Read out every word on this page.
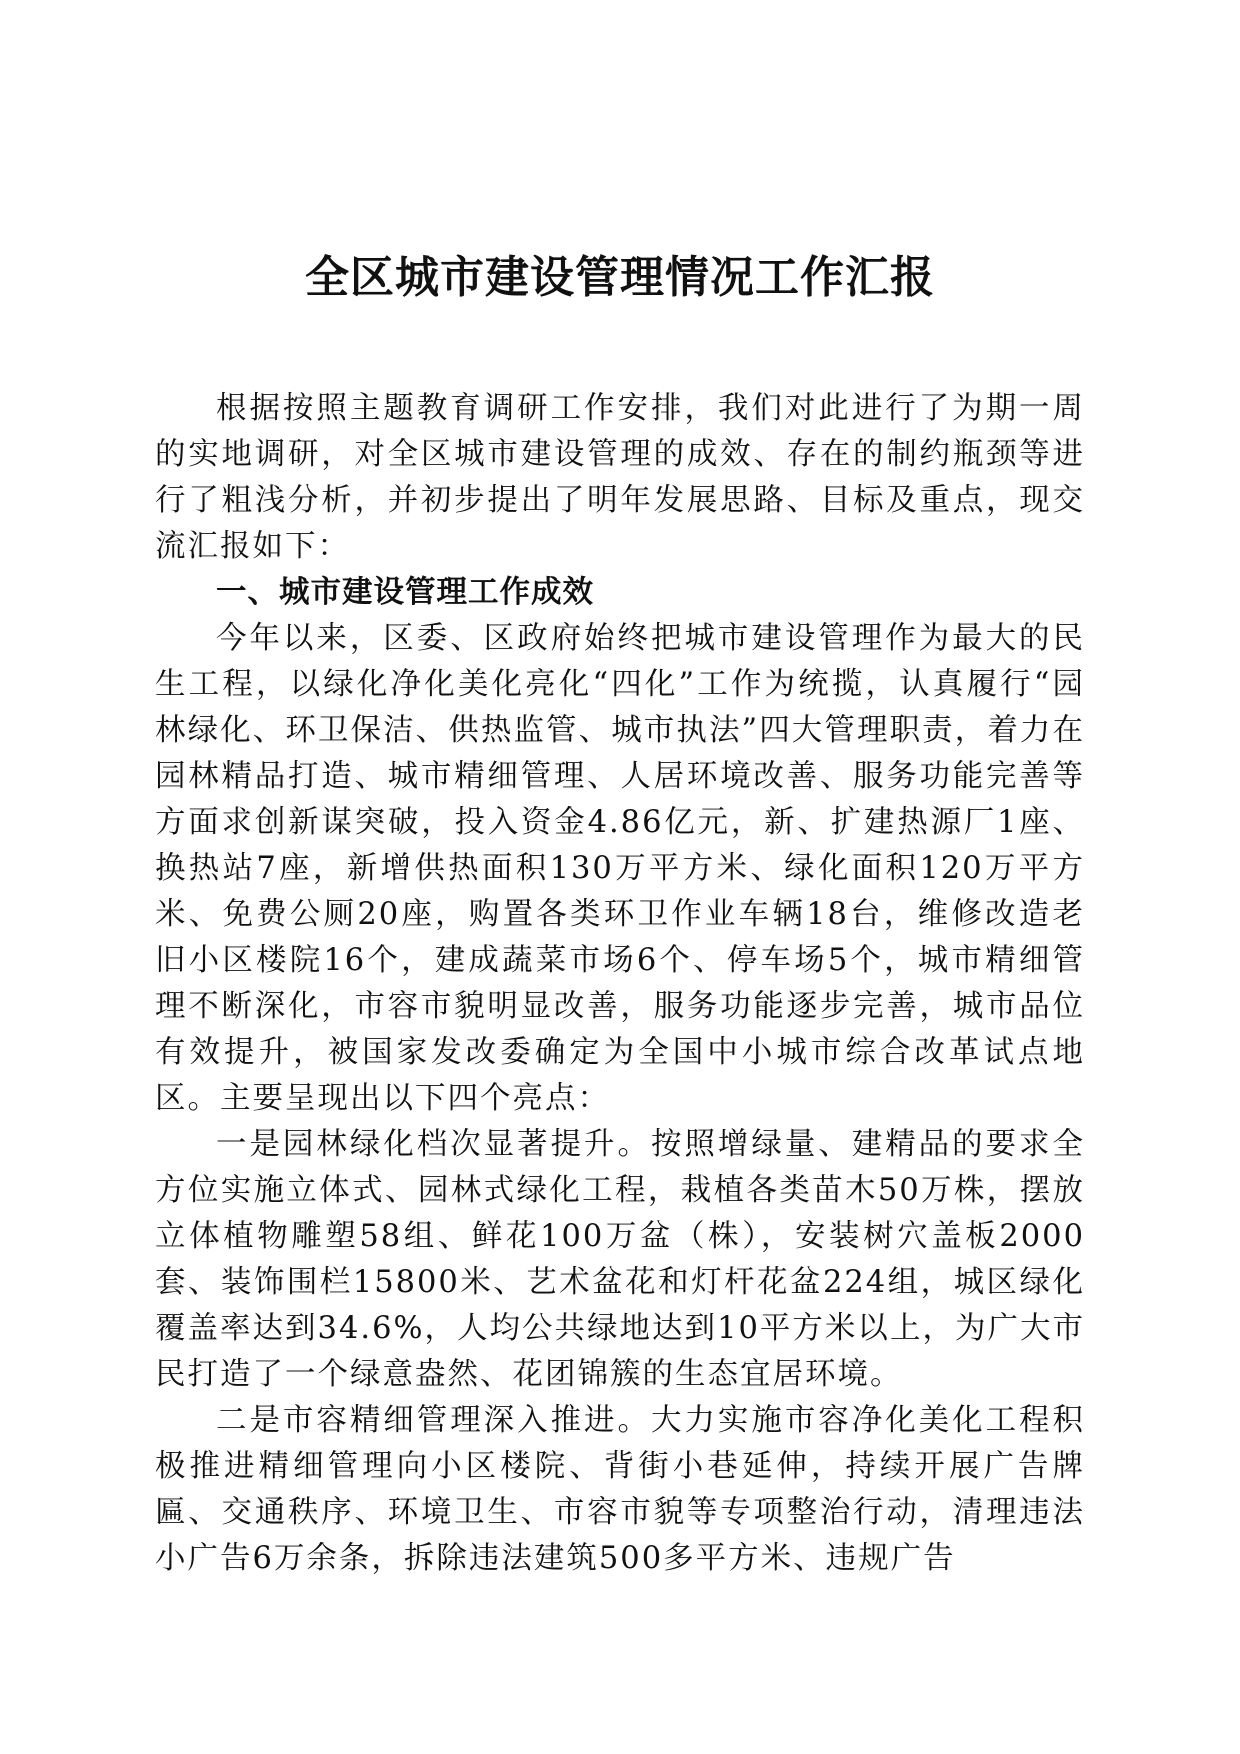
全区城市建设管理情况工作汇报

根据按照主题教育调研工作安排，我们对此进行了为期一周的实地调研，对全区城市建设管理的成效、存在的制约瓶颈等进行了粗浅分析，并初步提出了明年发展思路、目标及重点，现交流汇报如下：

一、城市建设管理工作成效

今年以来，区委、区政府始终把城市建设管理作为最大的民生工程，以绿化净化美化亮化“四化”工作为统揽，认真履行“园林绿化、环卫保洁、供热监管、城市执法”四大管理职责，着力在园林精品打造、城市精细管理、人居环境改善、服务功能完善等方面求创新谋突破，投入资金4.86亿元，新、扩建热源厂1座、换热站7座，新增供热面积130万平方米、绿化面积120万平方米、免费公厕20座，购置各类环卫作业车辆18台，维修改造老旧小区楼院16个，建成蔬菜市场6个、停车场5个，城市精细管理不断深化，市容市貌明显改善，服务功能逐步完善，城市品位有效提升，被国家发改委确定为全国中小城市综合改革试点地区。主要呈现出以下四个亮点：

一是园林绿化档次显著提升。按照增绿量、建精品的要求全方位实施立体式、园林式绿化工程，栽植各类苗木50万株，摆放立体植物雕塑58组、鲜花100万盆（株），安装树穴盖板2000套、装饰围栏15800米、艺术盆花和灯杆花盆224组，城区绿化覆盖率达到34.6%，人均公共绿地达到10平方米以上，为广大市民打造了一个绿意盎然、花团锦簇的生态宜居环境。

二是市容精细管理深入推进。大力实施市容净化美化工程积极推进精细管理向小区楼院、背街小巷延伸，持续开展广告牌匾、交通秩序、环境卫生、市容市貌等专项整治行动，清理违法小广告6万余条，拆除违法建筑500多平方米、违规广告
